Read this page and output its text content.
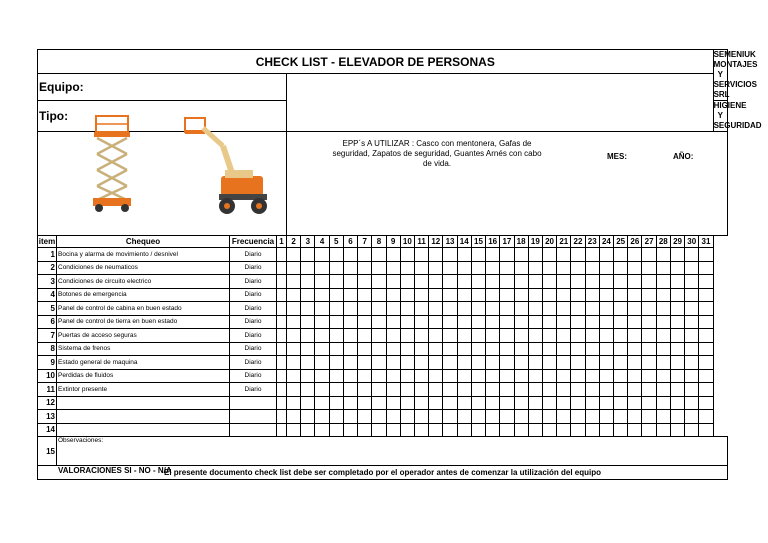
CHECK LIST - ELEVADOR DE PERSONAS																																		SEMENIUK MONTAJES Y SERVICIOS SRL
Equipo:																																		
Tipo:																																		HIGIENE Y SEGURIDAD

				EPP´s A UTILIZAR : Casco con mentonera, Gafas de seguridad, Zapatos de seguridad, Guantes Arnés con cabo de vida.
MES: AÑO:																														

item	Chequeo	Frecuencia	1	2	3	4	5	6	7	8	9	10	11	12	13	14	15	16	17	18	19	20	21	22	23	24	25	26	27	28	29	30	31	
1	Bocina y alarma de movimiento / desnivel	Diario																																
2	Condiciones de neumaticos	Diario																																
3	Condiciones de circuito electrico	Diario																																
4	Botones de emergencia	Diario																																
5	Panel de control de cabina en buen estado	Diario																																
6	Panel de control de tierra en buen estado	Diario																																
7	Puertas de acceso seguras	Diario																																
8	Sistema de frenos	Diario																																
9	Estado general de maquina	Diario																																
10	Perdidas de fluidos	Diario																																
11	Extintor presente	Diario																																
12																																		
13																																		
14																																		
15	Observaciones:																																	

El presente documento check list debe ser completado por el operador antes de comenzar la utilización del equipo																																		
VALORACIONES SI - NO - N/A
